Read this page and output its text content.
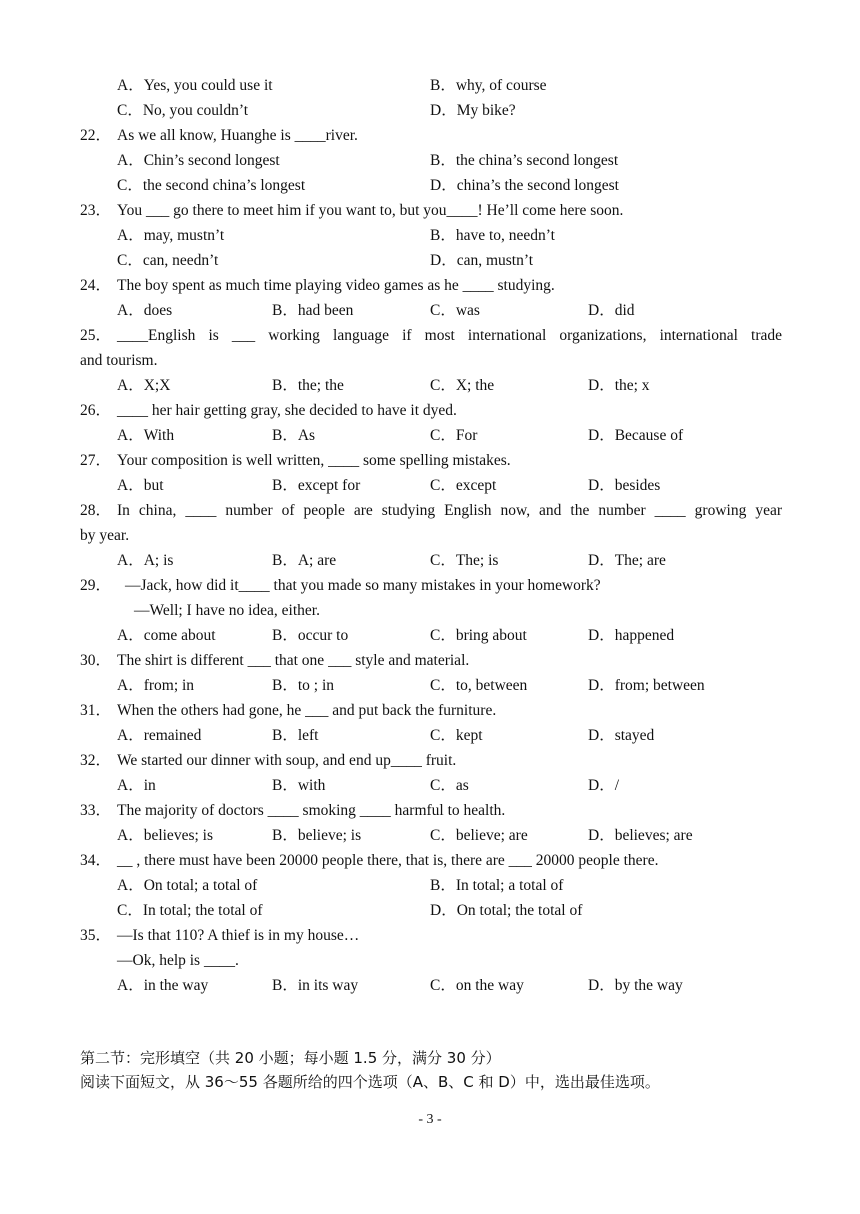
A．Yes, you could use it	B．why, of course
C．No, you couldn’t	D．My bike?
22． As we all know, Huanghe is ____river.
A．Chin’s second longest	B．the china’s second longest
C．the second china’s longest	D．china’s the second longest
23． You ___ go there to meet him if you want to, but you____! He’ll come here soon.
A．may, mustn’t	B．have to, needn’t
C．can, needn’t	D．can, mustn’t
24． The boy spent as much time playing video games as he ____ studying.
A．does	B．had been	C．was	D．did
25． ____English is ___ working language if most international organizations, international trade
and tourism.
A．X;X	B．the; the	C．X; the	D．the; x
26． ____ her hair getting gray, she decided to have it dyed.
A．With	B．As	C．For	D．Because of
27． Your composition is well written, ____ some spelling mistakes.
A．but	B．except for	C．except	D．besides
28． In china, ____ number of people are studying English now, and the number ____ growing year
by year.
A．A; is	B．A; are	C．The; is	D．The; are
29． —Jack, how did it____ that you made so many mistakes in your homework?
—Well; I have no idea, either.
A．come about	B．occur to	C．bring about	D．happened
30． The shirt is different ___ that one ___ style and material.
A．from; in	B．to ; in	C．to, between	D．from; between
31． When the others had gone, he ___ and put back the furniture.
A．remained	B．left	C．kept	D．stayed
32． We started our dinner with soup, and end up____ fruit.
A．in	B．with	C．as	D．/
33． The majority of doctors ____ smoking ____ harmful to health.
A．believes; is	B．believe; is	C．believe; are	D．believes; are
34． __ , there must have been 20000 people there, that is, there are ___ 20000 people there.
A．On total; a total of	B．In total; a total of
C．In total; the total of	D．On total; the total of
35． —Is that 110? A thief is in my house…
—Ok, help is ____.
A．in the way	B．in its way	C．on the way	D．by the way
第二节：完形填空（共 20 小题；每小题 1.5 分，满分 30 分）
阅读下面短文，从 36～55 各题所给的四个选项（A、B、C 和 D）中，选出最佳选项。
- 3 -
